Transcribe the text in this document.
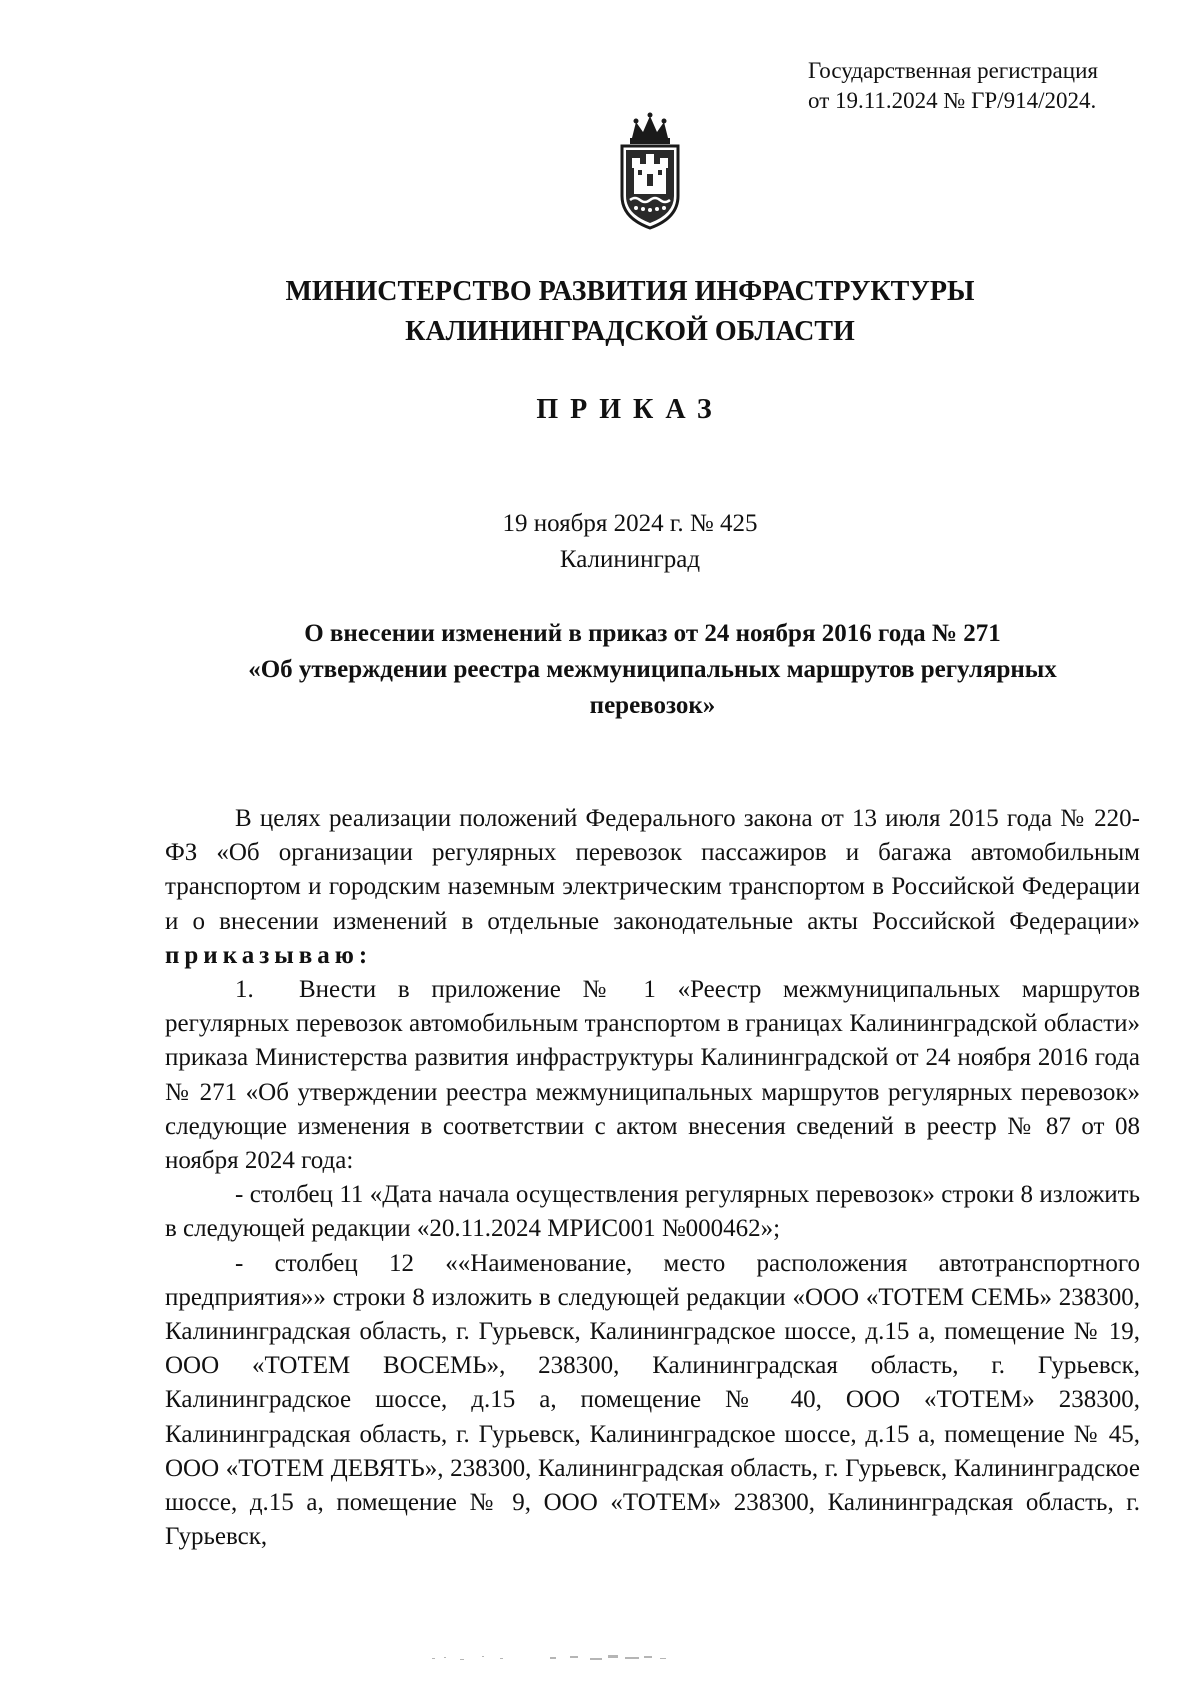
Государственная регистрация
от 19.11.2024 № ГР/914/2024.
МИНИСТЕРСТВО РАЗВИТИЯ ИНФРАСТРУКТУРЫ
КАЛИНИНГРАДСКОЙ ОБЛАСТИ
ПРИКАЗ
19 ноября 2024 г. № 425
Калининград
О внесении изменений в приказ от 24 ноября 2016 года № 271
«Об утверждении реестра межмуниципальных маршрутов регулярных
перевозок»

В целях реализации положений Федерального закона от 13 июля 2015 года № 220-ФЗ «Об организации регулярных перевозок пассажиров и багажа автомобильным транспортом и городским наземным электрическим транспортом в Российской Федерации и о внесении изменений в отдельные законодательные акты Российской Федерации» приказываю:

1. Внести в приложение № 1 «Реестр межмуниципальных маршрутов регулярных перевозок автомобильным транспортом в границах Калининградской области» приказа Министерства развития инфраструктуры Калининградской от 24 ноября 2016 года № 271 «Об утверждении реестра межмуниципальных маршрутов регулярных перевозок» следующие изменения в соответствии с актом внесения сведений в реестр № 87 от 08 ноября 2024 года:

- столбец 11 «Дата начала осуществления регулярных перевозок» строки 8 изложить в следующей редакции «20.11.2024 МРИС001 №000462»;

- столбец 12 ««Наименование, место расположения автотранспортного предприятия»» строки 8 изложить в следующей редакции «ООО «ТОТЕМ СЕМЬ» 238300, Калининградская область, г. Гурьевск, Калининградское шоссе, д.15 а, помещение № 19, ООО «ТОТЕМ ВОСЕМЬ», 238300, Калининградская область, г. Гурьевск, Калининградское шоссе, д.15 а, помещение № 40, ООО «ТОТЕМ» 238300, Калининградская область, г. Гурьевск, Калининградское шоссе, д.15 а, помещение № 45, ООО «ТОТЕМ ДЕВЯТЬ», 238300, Калининградская область, г. Гурьевск, Калининградское шоссе, д.15 а, помещение № 9, ООО «ТОТЕМ» 238300, Калининградская область, г. Гурьевск,
